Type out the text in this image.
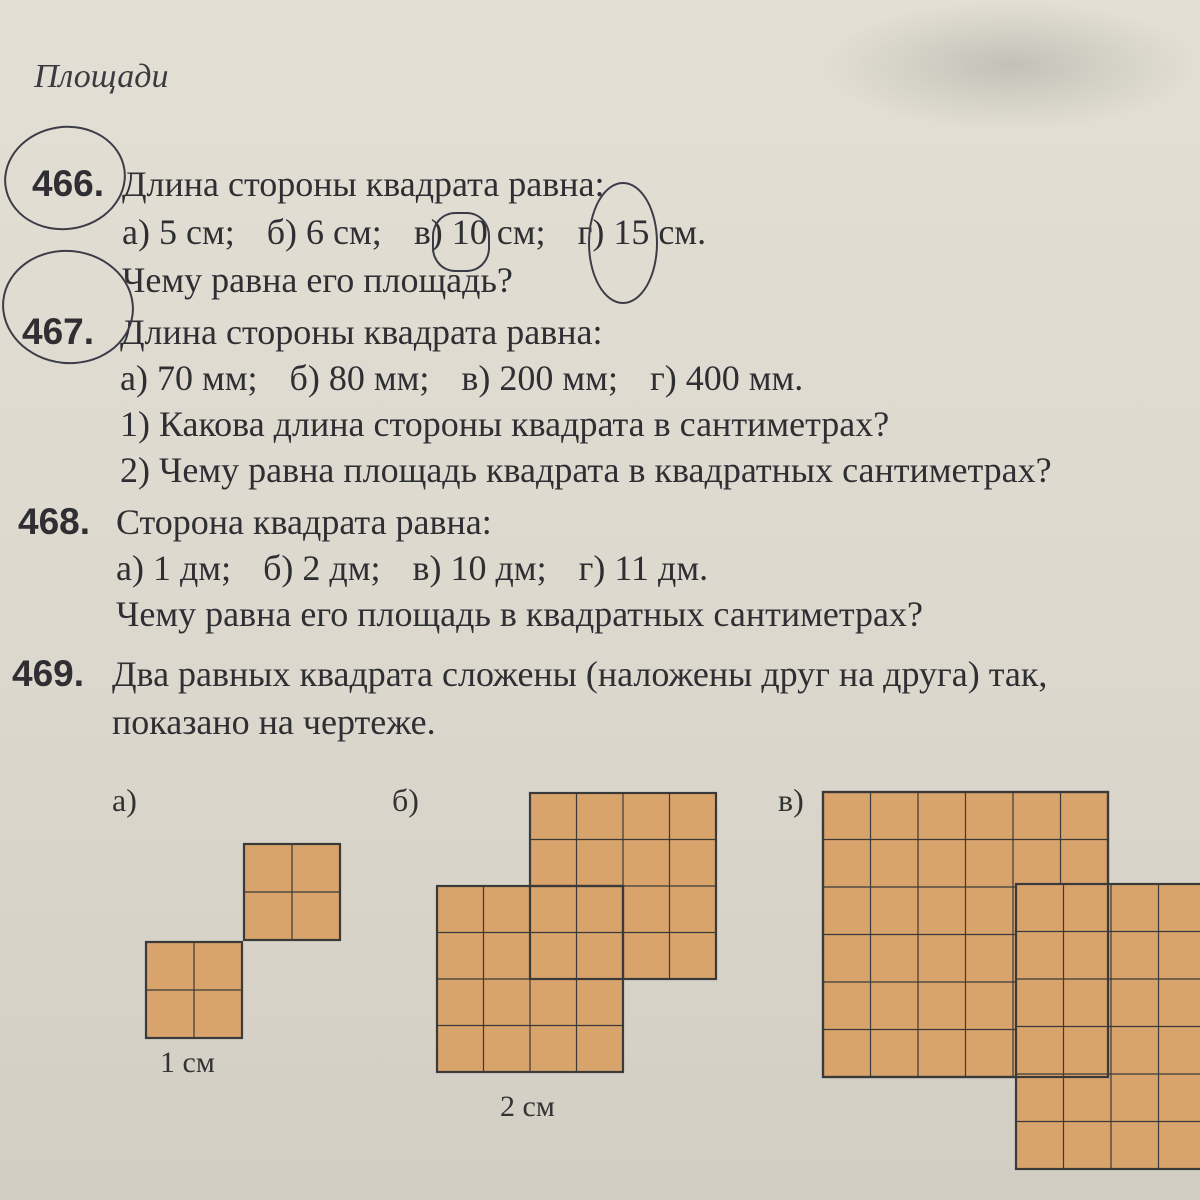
Площади
466. Длина стороны квадрата равна:
а) 5 см; б) 6 см; в) 10 см; г) 15 см.
Чему равна его площадь?
467. Длина стороны квадрата равна:
а) 70 мм; б) 80 мм; в) 200 мм; г) 400 мм.
1) Какова длина стороны квадрата в сантиметрах?
2) Чему равна площадь квадрата в квадратных сантиметрах?
468. Сторона квадрата равна:
а) 1 дм; б) 2 дм; в) 10 дм; г) 11 дм.
Чему равна его площадь в квадратных сантиметрах?
469. Два равных квадрата сложены (наложены друг на друга) так,
показано на чертеже.
а)	б)	в)
1 см
2 см
